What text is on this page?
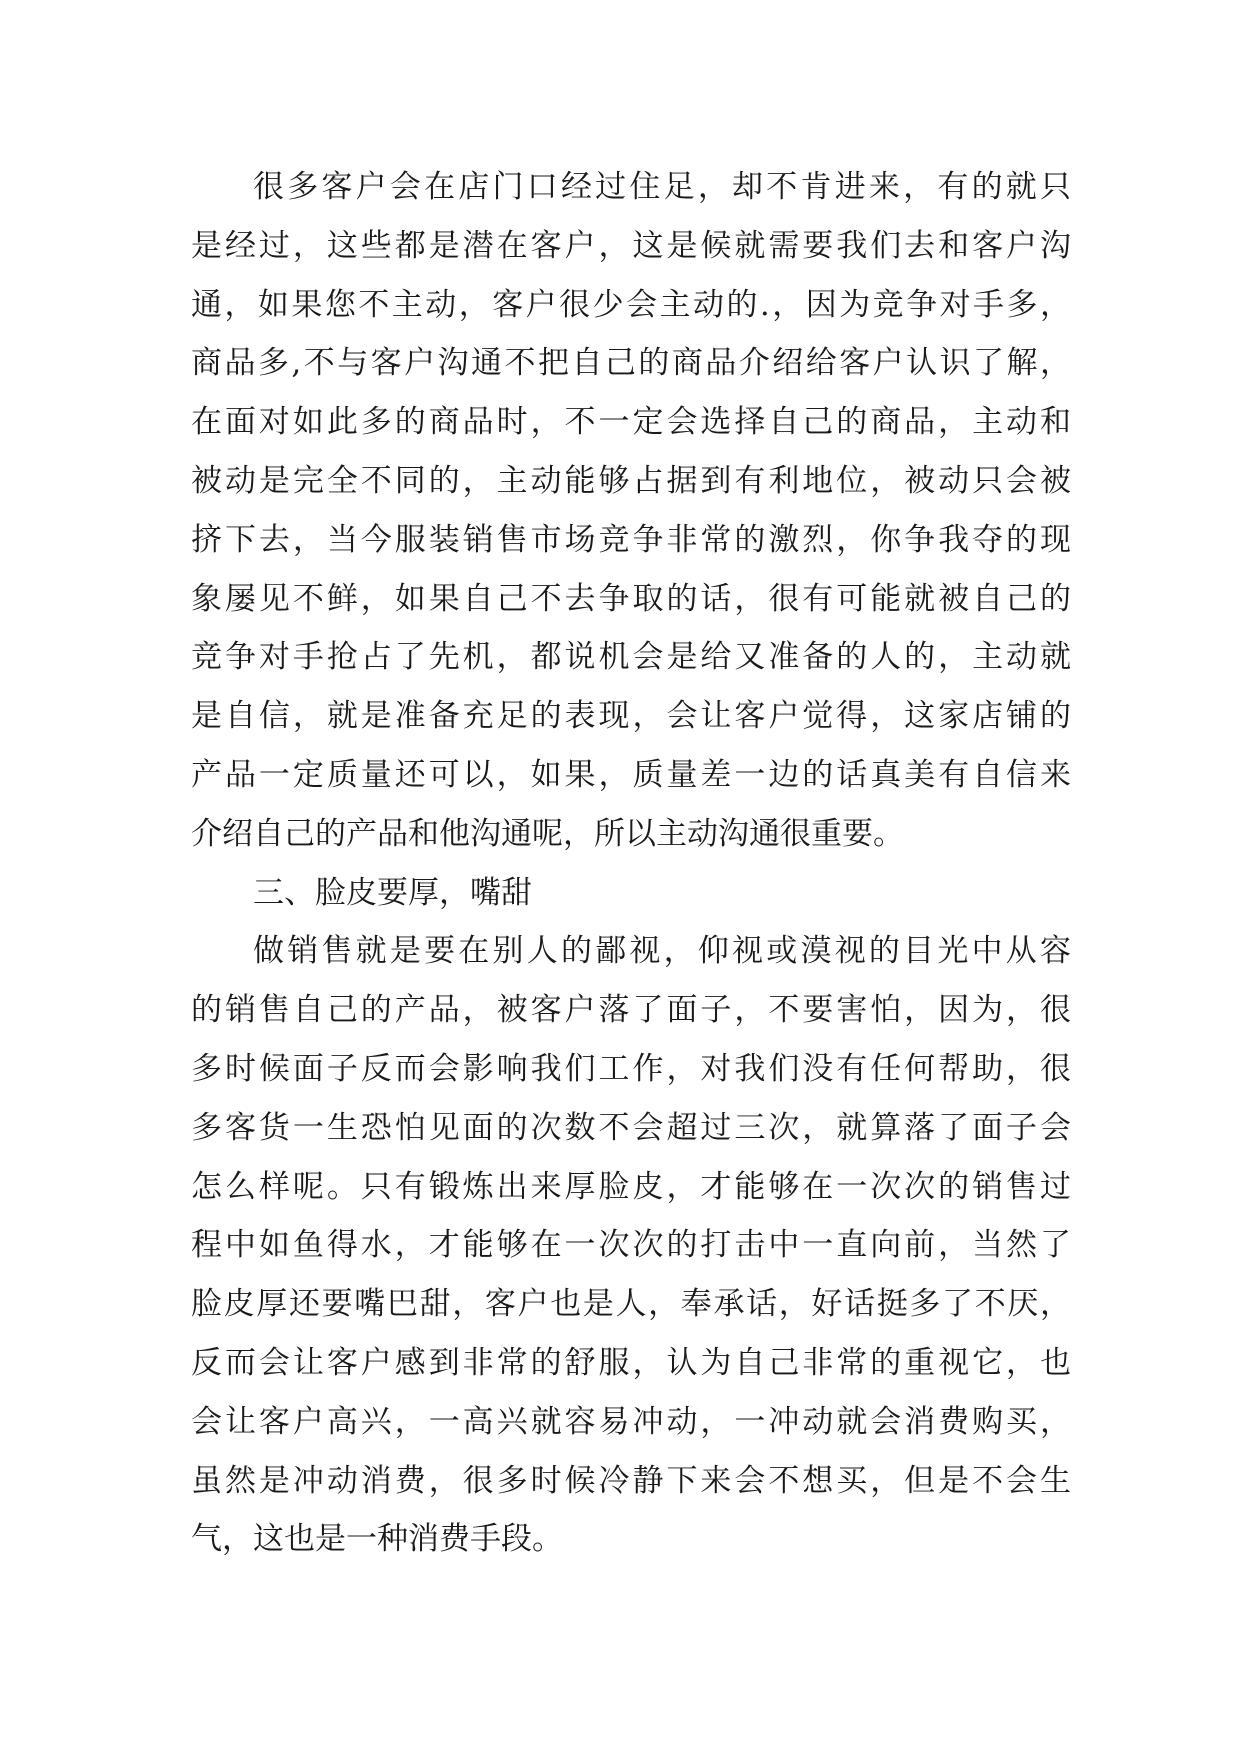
很多客户会在店门口经过住足，却不肯进来，有的就只
是经过，这些都是潜在客户，这是候就需要我们去和客户沟
通，如果您不主动，客户很少会主动的.，因为竞争对手多，
商品多,不与客户沟通不把自己的商品介绍给客户认识了解，
在面对如此多的商品时，不一定会选择自己的商品，主动和
被动是完全不同的，主动能够占据到有利地位，被动只会被
挤下去，当今服装销售市场竞争非常的激烈，你争我夺的现
象屡见不鲜，如果自己不去争取的话，很有可能就被自己的
竞争对手抢占了先机，都说机会是给又准备的人的，主动就
是自信，就是准备充足的表现，会让客户觉得，这家店铺的
产品一定质量还可以，如果，质量差一边的话真美有自信来
介绍自己的产品和他沟通呢，所以主动沟通很重要。
三、脸皮要厚，嘴甜
做销售就是要在别人的鄙视，仰视或漠视的目光中从容
的销售自己的产品，被客户落了面子，不要害怕，因为，很
多时候面子反而会影响我们工作，对我们没有任何帮助，很
多客货一生恐怕见面的次数不会超过三次，就算落了面子会
怎么样呢。只有锻炼出来厚脸皮，才能够在一次次的销售过
程中如鱼得水，才能够在一次次的打击中一直向前，当然了
脸皮厚还要嘴巴甜，客户也是人，奉承话，好话挺多了不厌，
反而会让客户感到非常的舒服，认为自己非常的重视它，也
会让客户高兴，一高兴就容易冲动，一冲动就会消费购买，
虽然是冲动消费，很多时候冷静下来会不想买，但是不会生
气，这也是一种消费手段。
